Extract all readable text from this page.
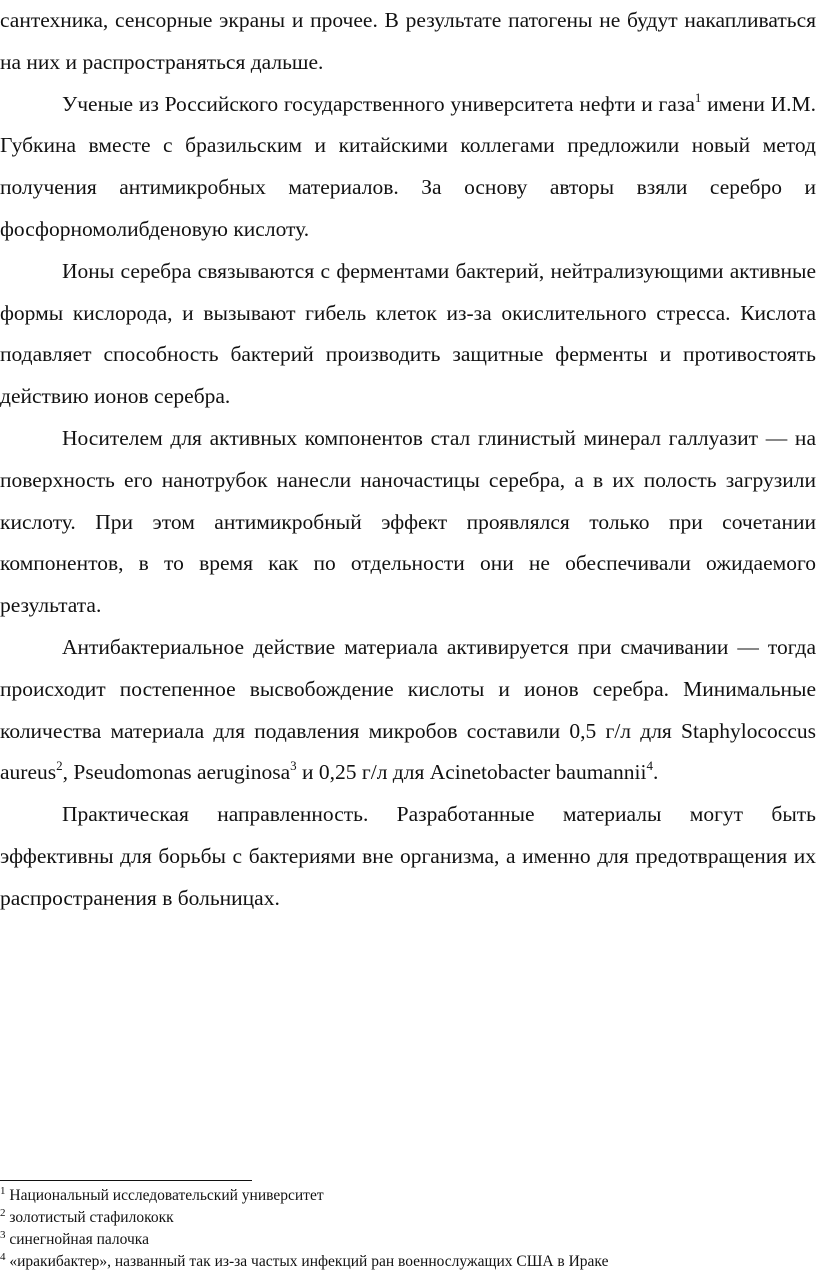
сантехника, сенсорные экраны и прочее. В результате патогены не будут накапливаться на них и распространяться дальше.

Ученые из Российского государственного университета нефти и газа$^1$ имени И.М. Губкина вместе с бразильским и китайскими коллегами предложили новый метод получения антимикробных материалов. За основу авторы взяли серебро и фосфорномолибденовую кислоту.

Ионы серебра связываются с ферментами бактерий, нейтрализующими активные формы кислорода, и вызывают гибель клеток из-за окислительного стресса. Кислота подавляет способность бактерий производить защитные ферменты и противостоять действию ионов серебра.

Носителем для активных компонентов стал глинистый минерал галлуазит — на поверхность его нанотрубок нанесли наночастицы серебра, а в их полость загрузили кислоту. При этом антимикробный эффект проявлялся только при сочетании компонентов, в то время как по отдельности они не обеспечивали ожидаемого результата.

Антибактериальное действие материала активируется при смачивании — тогда происходит постепенное высвобождение кислоты и ионов серебра. Минимальные количества материала для подавления микробов составили 0,5 г/л для Staphylococcus aureus$^2$, Pseudomonas aeruginosa$^3$ и 0,25 г/л для Acinetobacter baumannii$^4$.

Практическая направленность. Разработанные материалы могут быть эффективны для борьбы с бактериями вне организма, а именно для предотвращения их распространения в больницах.

$^1$ Национальный исследовательский университет

$^2$ золотистый стафилококк

$^3$ синегнойная палочка

$^4$ «иракибактер», названный так из-за частых инфекций ран военнослужащих США в Ираке
